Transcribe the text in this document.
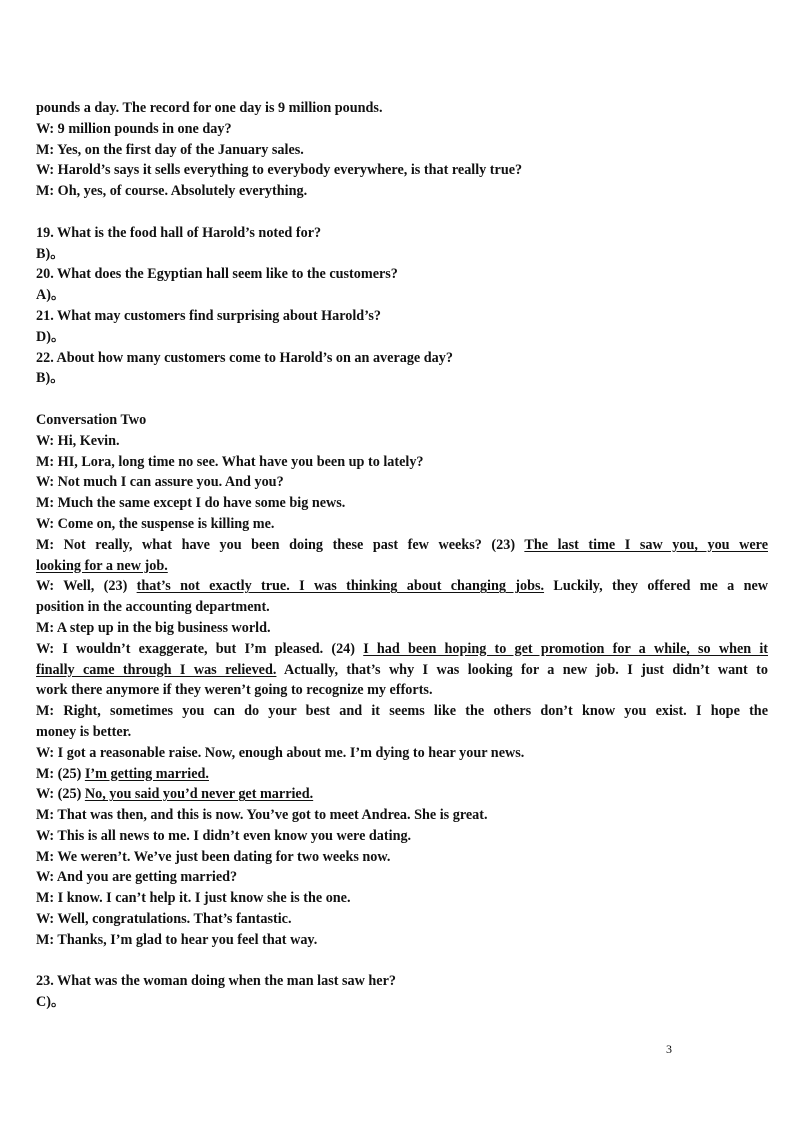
pounds a day. The record for one day is 9 million pounds.
W: 9 million pounds in one day?
M: Yes, on the first day of the January sales.
W: Harold’s says it sells everything to everybody everywhere, is that really true?
M: Oh, yes, of course. Absolutely everything.
19. What is the food hall of Harold’s noted for?
B)。
20. What does the Egyptian hall seem like to the customers?
A)。
21. What may customers find surprising about Harold’s?
D)。
22. About how many customers come to Harold’s on an average day?
B)。
Conversation Two
W: Hi, Kevin.
M: HI, Lora, long time no see. What have you been up to lately?
W: Not much I can assure you. And you?
M: Much the same except I do have some big news.
W: Come on, the suspense is killing me.
M: Not really, what have you been doing these past few weeks? (23) The last time I saw you, you were
looking for a new job.
W: Well, (23) that’s not exactly true. I was thinking about changing jobs. Luckily, they offered me a new
position in the accounting department.
M: A step up in the big business world.
W: I wouldn’t exaggerate, but I’m pleased. (24) I had been hoping to get promotion for a while, so when it
finally came through I was relieved. Actually, that’s why I was looking for a new job. I just didn’t want to
work there anymore if they weren’t going to recognize my efforts.
M: Right, sometimes you can do your best and it seems like the others don’t know you exist. I hope the
money is better.
W: I got a reasonable raise. Now, enough about me. I’m dying to hear your news.
M: (25) I’m getting married.
W: (25) No, you said you’d never get married.
M: That was then, and this is now. You’ve got to meet Andrea. She is great.
W: This is all news to me. I didn’t even know you were dating.
M: We weren’t. We’ve just been dating for two weeks now.
W: And you are getting married?
M: I know. I can’t help it. I just know she is the one.
W: Well, congratulations. That’s fantastic.
M: Thanks, I’m glad to hear you feel that way.
23. What was the woman doing when the man last saw her?
C)。
3
